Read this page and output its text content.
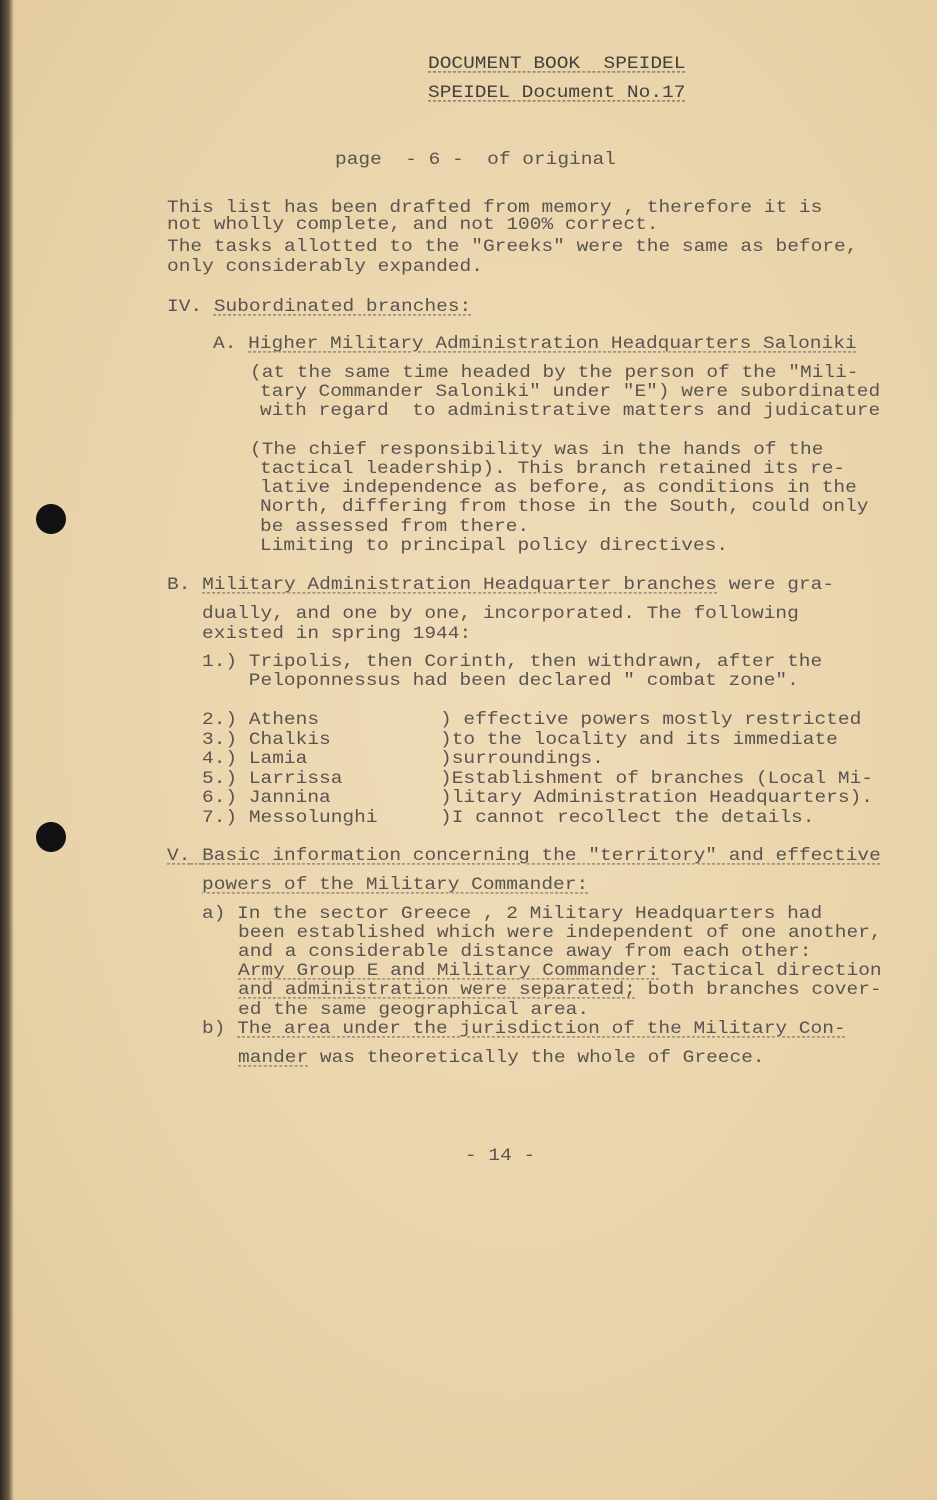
DOCUMENT BOOK  SPEIDEL
SPEIDEL Document No.17
page  - 6 -  of original
This list has been drafted from memory , therefore it is
not wholly complete, and not 100% correct.
The tasks allotted to the "Greeks" were the same as before,
only considerably expanded.
IV. Subordinated branches:
A. Higher Military Administration Headquarters Saloniki
(at the same time headed by the person of the "Mili-
tary Commander Saloniki" under "E") were subordinated
with regard  to administrative matters and judicature
(The chief responsibility was in the hands of the
tactical leadership). This branch retained its re-
lative independence as before, as conditions in the
North, differing from those in the South, could only
be assessed from there.
Limiting to principal policy directives.
B. Military Administration Headquarter branches were gra-
dually, and one by one, incorporated. The following
existed in spring 1944:
1.) Tripolis, then Corinth, then withdrawn, after the
Peloponnessus had been declared " combat zone".
2.) Athens	) effective powers mostly restricted
3.) Chalkis	)to the locality and its immediate
4.) Lamia	)surroundings.
5.) Larrissa	)Establishment of branches (Local Mi-
6.) Jannina	)litary Administration Headquarters).
7.) Messolunghi	)I cannot recollect the details.
V. Basic information concerning the "territory" and effective
powers of the Military Commander:
a) In the sector Greece , 2 Military Headquarters had
been established which were independent of one another,
and a considerable distance away from each other:
Army Group E and Military Commander: Tactical direction
and administration were separated; both branches cover-
ed the same geographical area.
b) The area under the jurisdiction of the Military Con-
mander was theoretically the whole of Greece.
- 14 -
